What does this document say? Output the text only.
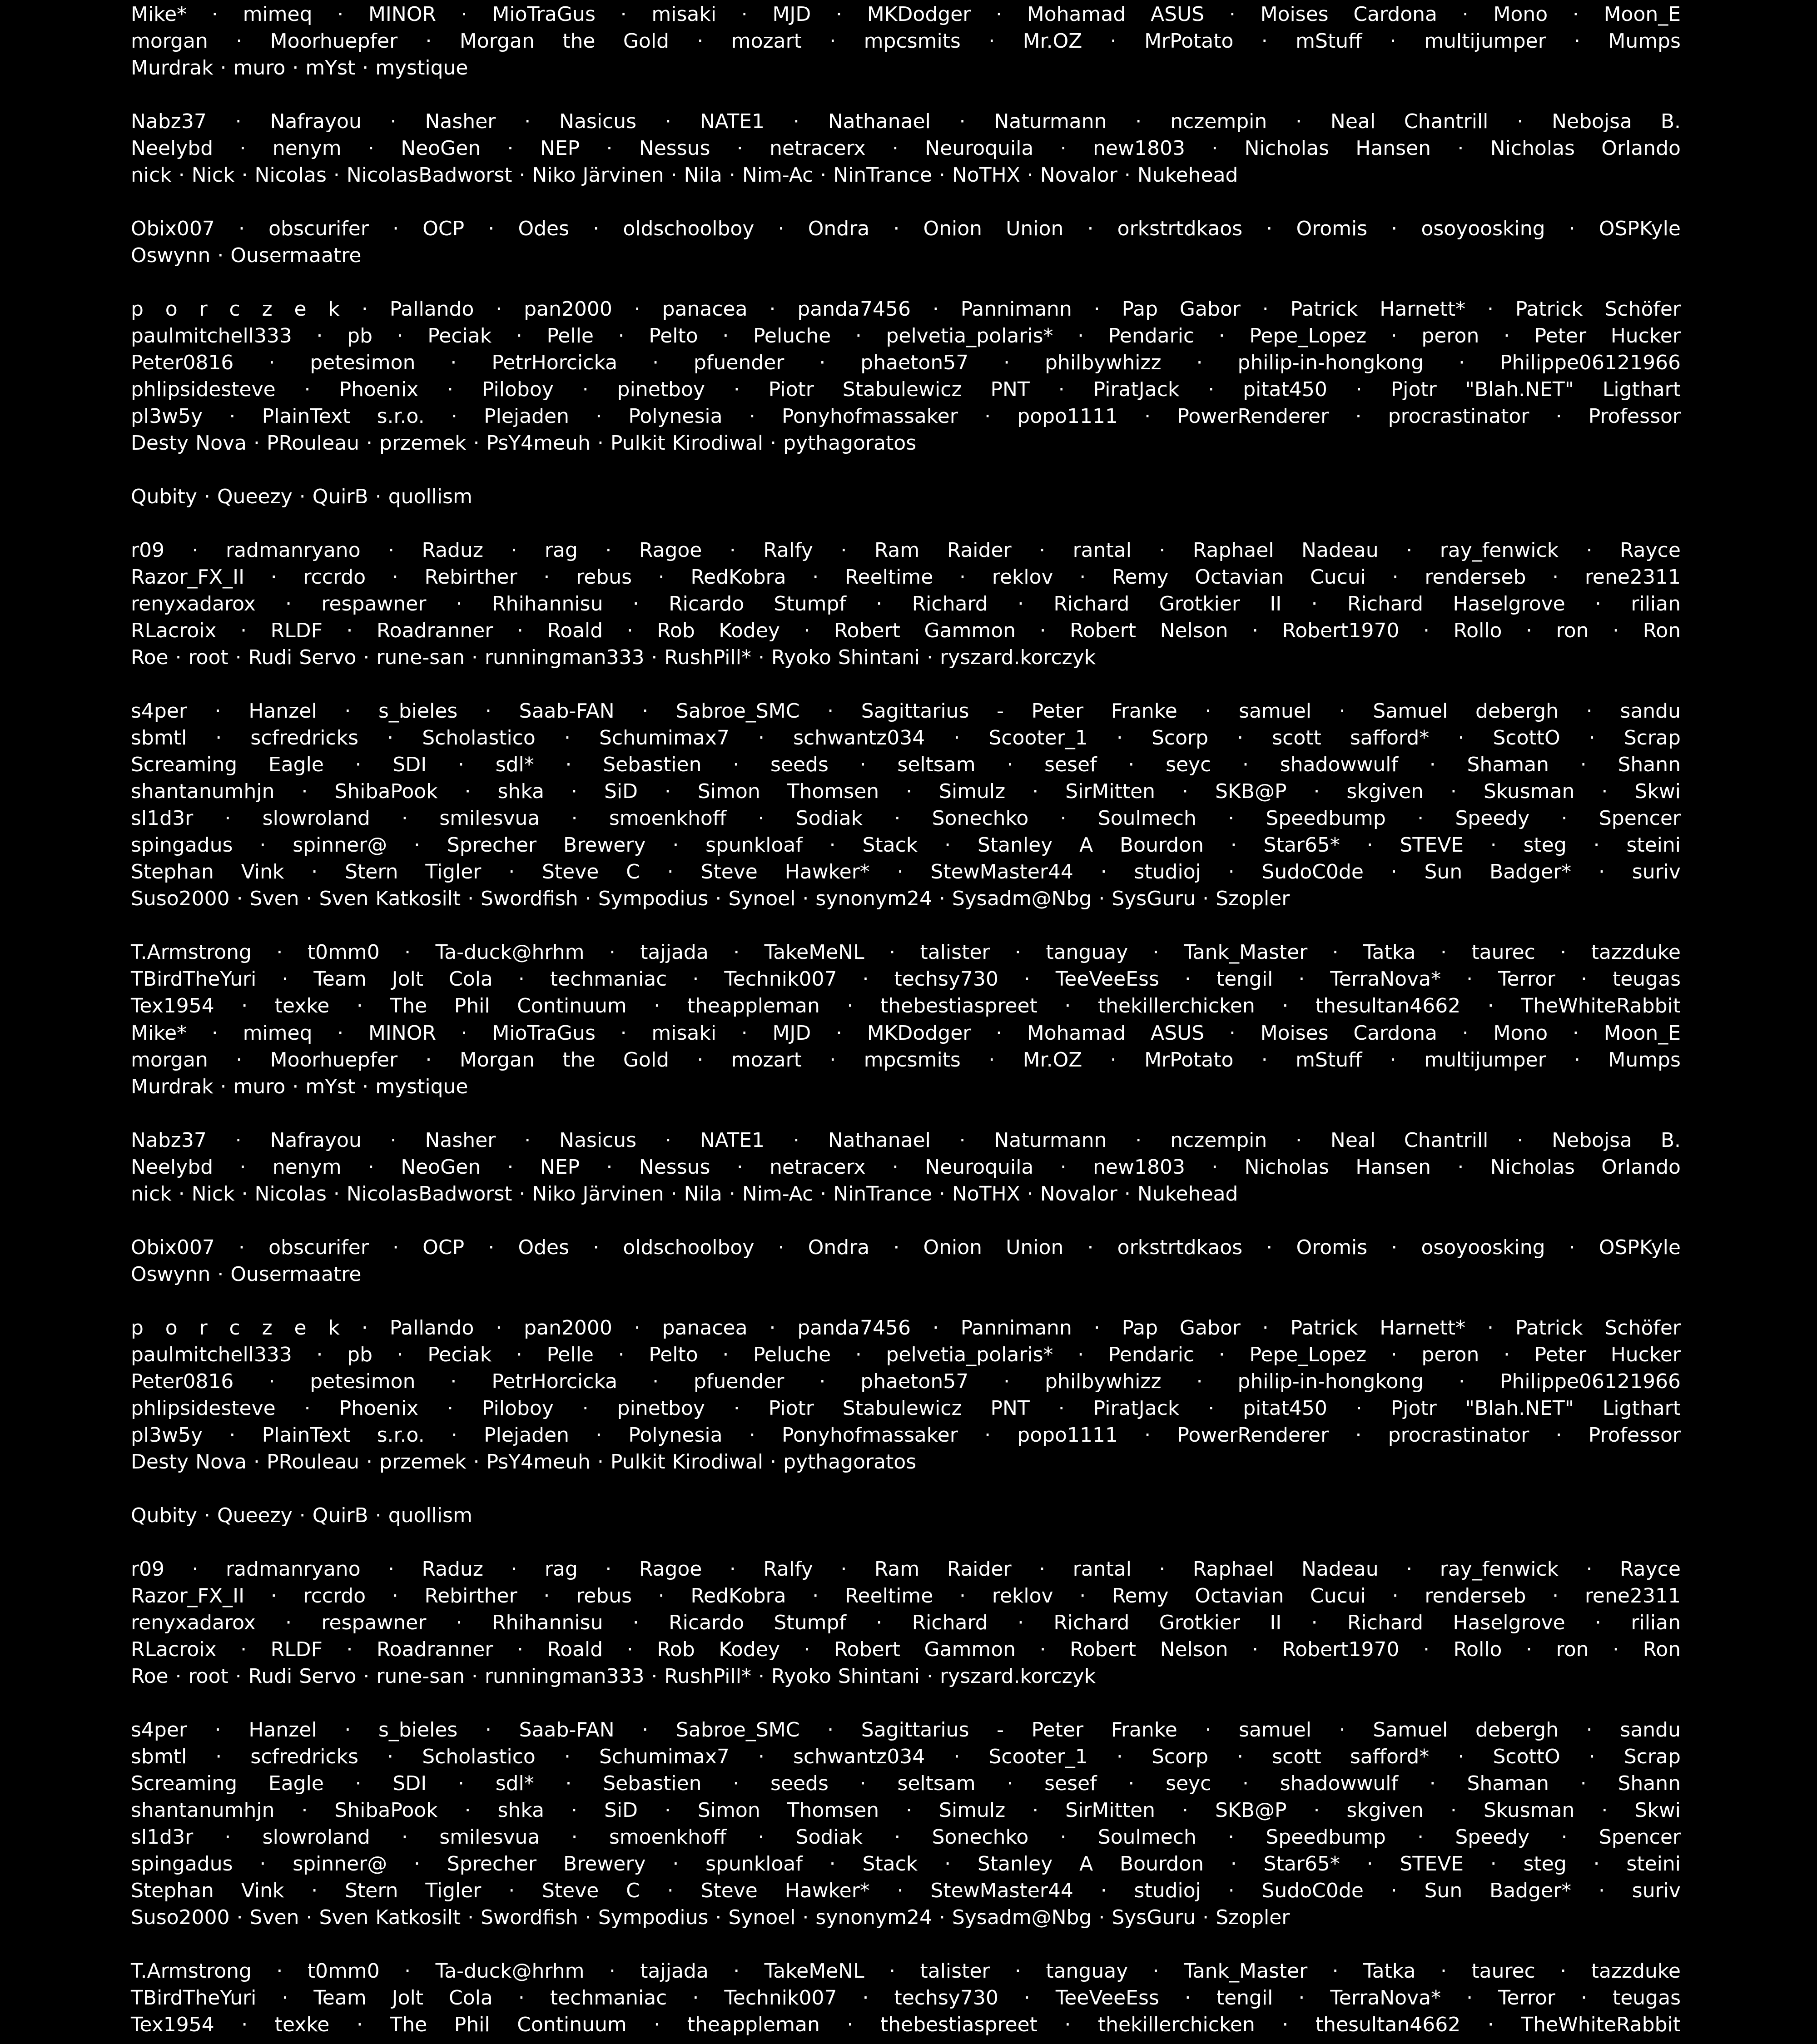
Mike* · mimeq · MINOR · MioTraGus · misaki · MJD · MKDodger · Mohamad ASUS · Moises Cardona · Mono · Moon_E
morgan · Moorhuepfer · Morgan the Gold · mozart · mpcsmits · Mr.OZ · MrPotato · mStuff · multijumper · Mumps
Murdrak · muro · mYst · mystique
Nabz37 · Nafrayou · Nasher · Nasicus · NATE1 · Nathanael · Naturmann · nczempin · Neal Chantrill · Nebojsa B.
Neelybd · nenym · NeoGen · NEP · Nessus · netracerx · Neuroquila · new1803 · Nicholas Hansen · Nicholas Orlando
nick · Nick · Nicolas · NicolasBadworst · Niko Järvinen · Nila · Nim-Ac · NinTrance · NoTHX · Novalor · Nukehead
Obix007 · obscurifer · OCP · Odes · oldschoolboy · Ondra · Onion Union · orkstrtdkaos · Oromis · osoyoosking · OSPKyle
Oswynn · Ousermaatre
p o r c z e k · Pallando · pan2000 · panacea · panda7456 · Pannimann · Pap Gabor · Patrick Harnett* · Patrick Schöfer
paulmitchell333 · pb · Peciak · Pelle · Pelto · Peluche · pelvetia_polaris* · Pendaric · Pepe_Lopez · peron · Peter Hucker
Peter0816 · petesimon · PetrHorcicka · pfuender · phaeton57 · philbywhizz · philip-in-hongkong · Philippe06121966
phlipsidesteve · Phoenix · Piloboy · pinetboy · Piotr Stabulewicz PNT · PiratJack · pitat450 · Pjotr "Blah.NET" Ligthart
pl3w5y · PlainText s.r.o. · Plejaden · Polynesia · Ponyhofmassaker · popo1111 · PowerRenderer · procrastinator · Professor
Desty Nova · PRouleau · przemek · PsY4meuh · Pulkit Kirodiwal · pythagoratos
Qubity · Queezy · QuirB · quollism
r09 · radmanryano · Raduz · rag · Ragoe · Ralfy · Ram Raider · rantal · Raphael Nadeau · ray_fenwick · Rayce
Razor_FX_II · rccrdo · Rebirther · rebus · RedKobra · Reeltime · reklov · Remy Octavian Cucui · renderseb · rene2311
renyxadarox · respawner · Rhihannisu · Ricardo Stumpf · Richard · Richard Grotkier II · Richard Haselgrove · rilian
RLacroix · RLDF · Roadranner · Roald · Rob Kodey · Robert Gammon · Robert Nelson · Robert1970 · Rollo · ron · Ron
Roe · root · Rudi Servo · rune-san · runningman333 · RushPill* · Ryoko Shintani · ryszard.korczyk
s4per · Hanzel · s_bieles · Saab-FAN · Sabroe_SMC · Sagittarius - Peter Franke · samuel · Samuel debergh · sandu
sbmtl · scfredricks · Scholastico · Schumimax7 · schwantz034 · Scooter_1 · Scorp · scott safford* · ScottO · Scrap
Screaming Eagle · SDI · sdl* · Sebastien · seeds · seltsam · sesef · seyc · shadowwulf · Shaman · Shann
shantanumhjn · ShibaPook · shka · SiD · Simon Thomsen · Simulz · SirMitten · SKB@P · skgiven · Skusman · Skwi
sl1d3r · slowroland · smilesvua · smoenkhoff · Sodiak · Sonechko · Soulmech · Speedbump · Speedy · Spencer
spingadus · spinner@ · Sprecher Brewery · spunkloaf · Stack · Stanley A Bourdon · Star65* · STEVE · steg · steini
Stephan Vink · Stern Tigler · Steve C · Steve Hawker* · StewMaster44 · studioj · SudoC0de · Sun Badger* · suriv
Suso2000 · Sven · Sven Katkosilt · Swordfish · Sympodius · Synoel · synonym24 · Sysadm@Nbg · SysGuru · Szopler
T.Armstrong · t0mm0 · Ta-duck@hrhm · tajjada · TakeMeNL · talister · tanguay · Tank_Master · Tatka · taurec · tazzduke
TBirdTheYuri · Team Jolt Cola · techmaniac · Technik007 · techsy730 · TeeVeeEss · tengil · TerraNova* · Terror · teugas
Tex1954 · texke · The Phil Continuum · theappleman · thebestiaspreet · thekillerchicken · thesultan4662 · TheWhiteRabbit
Mike* · mimeq · MINOR · MioTraGus · misaki · MJD · MKDodger · Mohamad ASUS · Moises Cardona · Mono · Moon_E
morgan · Moorhuepfer · Morgan the Gold · mozart · mpcsmits · Mr.OZ · MrPotato · mStuff · multijumper · Mumps
Murdrak · muro · mYst · mystique
Nabz37 · Nafrayou · Nasher · Nasicus · NATE1 · Nathanael · Naturmann · nczempin · Neal Chantrill · Nebojsa B.
Neelybd · nenym · NeoGen · NEP · Nessus · netracerx · Neuroquila · new1803 · Nicholas Hansen · Nicholas Orlando
nick · Nick · Nicolas · NicolasBadworst · Niko Järvinen · Nila · Nim-Ac · NinTrance · NoTHX · Novalor · Nukehead
Obix007 · obscurifer · OCP · Odes · oldschoolboy · Ondra · Onion Union · orkstrtdkaos · Oromis · osoyoosking · OSPKyle
Oswynn · Ousermaatre
p o r c z e k · Pallando · pan2000 · panacea · panda7456 · Pannimann · Pap Gabor · Patrick Harnett* · Patrick Schöfer
paulmitchell333 · pb · Peciak · Pelle · Pelto · Peluche · pelvetia_polaris* · Pendaric · Pepe_Lopez · peron · Peter Hucker
Peter0816 · petesimon · PetrHorcicka · pfuender · phaeton57 · philbywhizz · philip-in-hongkong · Philippe06121966
phlipsidesteve · Phoenix · Piloboy · pinetboy · Piotr Stabulewicz PNT · PiratJack · pitat450 · Pjotr "Blah.NET" Ligthart
pl3w5y · PlainText s.r.o. · Plejaden · Polynesia · Ponyhofmassaker · popo1111 · PowerRenderer · procrastinator · Professor
Desty Nova · PRouleau · przemek · PsY4meuh · Pulkit Kirodiwal · pythagoratos
Qubity · Queezy · QuirB · quollism
r09 · radmanryano · Raduz · rag · Ragoe · Ralfy · Ram Raider · rantal · Raphael Nadeau · ray_fenwick · Rayce
Razor_FX_II · rccrdo · Rebirther · rebus · RedKobra · Reeltime · reklov · Remy Octavian Cucui · renderseb · rene2311
renyxadarox · respawner · Rhihannisu · Ricardo Stumpf · Richard · Richard Grotkier II · Richard Haselgrove · rilian
RLacroix · RLDF · Roadranner · Roald · Rob Kodey · Robert Gammon · Robert Nelson · Robert1970 · Rollo · ron · Ron
Roe · root · Rudi Servo · rune-san · runningman333 · RushPill* · Ryoko Shintani · ryszard.korczyk
s4per · Hanzel · s_bieles · Saab-FAN · Sabroe_SMC · Sagittarius - Peter Franke · samuel · Samuel debergh · sandu
sbmtl · scfredricks · Scholastico · Schumimax7 · schwantz034 · Scooter_1 · Scorp · scott safford* · ScottO · Scrap
Screaming Eagle · SDI · sdl* · Sebastien · seeds · seltsam · sesef · seyc · shadowwulf · Shaman · Shann
shantanumhjn · ShibaPook · shka · SiD · Simon Thomsen · Simulz · SirMitten · SKB@P · skgiven · Skusman · Skwi
sl1d3r · slowroland · smilesvua · smoenkhoff · Sodiak · Sonechko · Soulmech · Speedbump · Speedy · Spencer
spingadus · spinner@ · Sprecher Brewery · spunkloaf · Stack · Stanley A Bourdon · Star65* · STEVE · steg · steini
Stephan Vink · Stern Tigler · Steve C · Steve Hawker* · StewMaster44 · studioj · SudoC0de · Sun Badger* · suriv
Suso2000 · Sven · Sven Katkosilt · Swordfish · Sympodius · Synoel · synonym24 · Sysadm@Nbg · SysGuru · Szopler
T.Armstrong · t0mm0 · Ta-duck@hrhm · tajjada · TakeMeNL · talister · tanguay · Tank_Master · Tatka · taurec · tazzduke
TBirdTheYuri · Team Jolt Cola · techmaniac · Technik007 · techsy730 · TeeVeeEss · tengil · TerraNova* · Terror · teugas
Tex1954 · texke · The Phil Continuum · theappleman · thebestiaspreet · thekillerchicken · thesultan4662 · TheWhiteRabbit
